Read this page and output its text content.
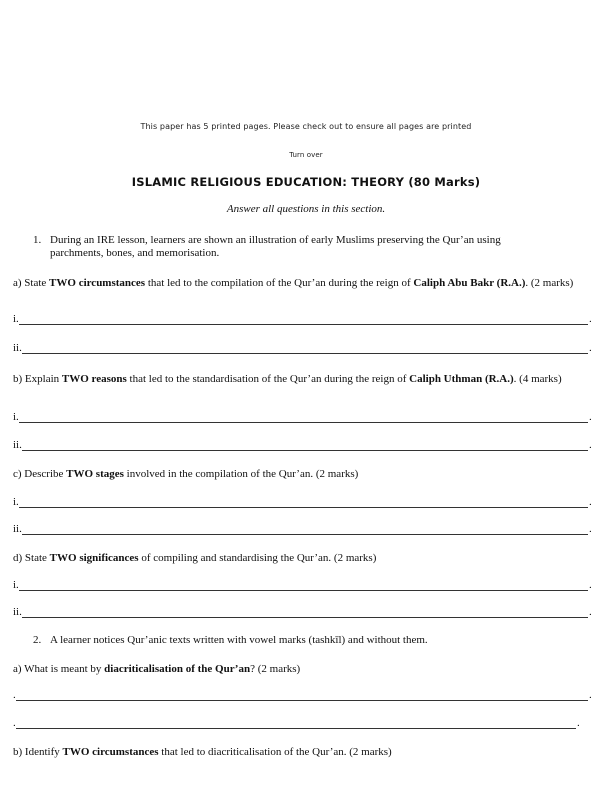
This paper has 5 printed pages. Please check out to ensure all pages are printed
Turn over
ISLAMIC RELIGIOUS EDUCATION: THEORY (80 Marks)
Answer all questions in this section.
1. During an IRE lesson, learners are shown an illustration of early Muslims preserving the Qur’an using parchments, bones, and memorisation.
a) State TWO circumstances that led to the compilation of the Qur’an during the reign of Caliph Abu Bakr (R.A.). (2 marks)
i.	.
ii.	.
b) Explain TWO reasons that led to the standardisation of the Qur’an during the reign of Caliph Uthman (R.A.). (4 marks)
i.	.
ii.	.
c) Describe TWO stages involved in the compilation of the Qur’an. (2 marks)
i.	.
ii.	.
d) State TWO significances of compiling and standardising the Qur’an. (2 marks)
i.	.
ii.	.
2. A learner notices Qur’anic texts written with vowel marks (tashkīl) and without them.
a) What is meant by diacriticalisation of the Qur’an? (2 marks)
.	.
.	.
b) Identify TWO circumstances that led to diacriticalisation of the Qur’an. (2 marks)
